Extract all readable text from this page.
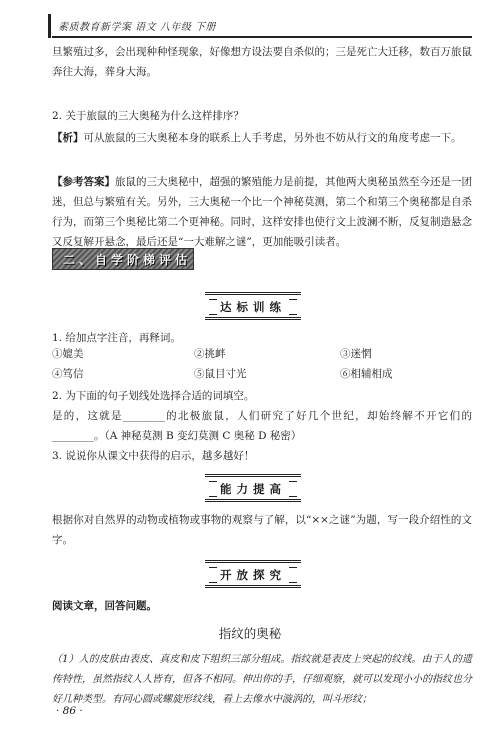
素质教育新学案 语文 八年级 下册
旦繁殖过多，会出现种种怪现象，好像想方设法要自杀似的；三是死亡大迁移，数百万旅鼠奔往大海，葬身大海。
2. 关于旅鼠的三大奥秘为什么这样排序？
【析】可从旅鼠的三大奥秘本身的联系上人手考虑，另外也不妨从行文的角度考虑一下。
【参考答案】旅鼠的三大奥秘中，超强的繁殖能力是前提，其他两大奥秘虽然至今还是一团迷，但总与繁殖有关。另外，三大奥秘一个比一个神秘莫测，第二个和第三个奥秘都是自杀行为，而第三个奥秘比第二个更神秘。同时，这样安排也使行文上波澜不断，反复制造悬念又反复解开悬念，最后还是“一大难解之谜”，更加能吸引读者。
二、自学阶梯评估
达标训练
1. 给加点字注音，再释词。
①媲美	②挑衅	③迷惘
④笃信	⑤鼠目寸光	⑥相辅相成
2. 为下面的句子划线处选择合适的词填空。
是的，这就是________的北极旅鼠，人们研究了好几个世纪，却始终解不开它们的________。（A 神秘莫测 B 变幻莫测 C 奥秘 D 秘密）
3. 说说你从课文中获得的启示，越多越好！
能力提高
根据你对自然界的动物或植物或事物的观察与了解，以“××之谜”为题，写一段介绍性的文字。
开放探究
阅读文章，回答问题。
指纹的奥秘
（1）人的皮肤由表皮、真皮和皮下组织三部分组成。指纹就是表皮上突起的纹线。由于人的遗传特性，虽然指纹人人皆有，但各不相同。伸出你的手，仔细观察，就可以发现小小的指纹也分好几种类型。有同心圆或螺旋形纹线，看上去像水中漩涡的，叫斗形纹；
· 86 ·
